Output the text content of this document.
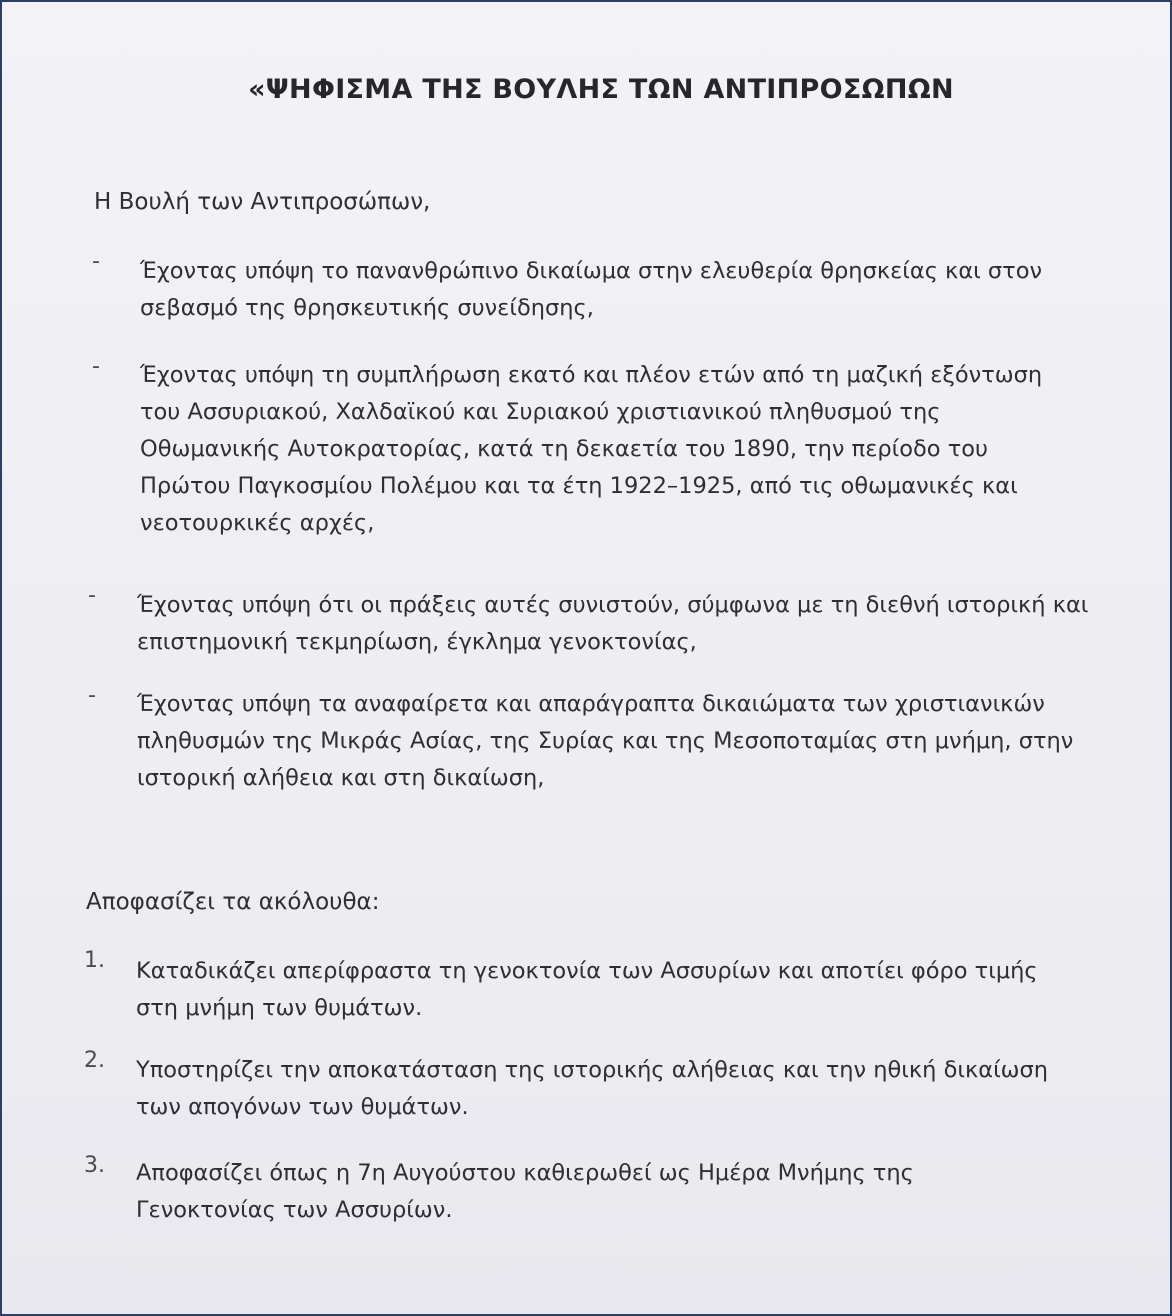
«ΨΗΦΙΣΜΑ ΤΗΣ ΒΟΥΛΗΣ ΤΩΝ ΑΝΤΙΠΡΟΣΩΠΩΝ
Η Βουλή των Αντιπροσώπων,
- Έχοντας υπόψη το πανανθρώπινο δικαίωμα στην ελευθερία θρησκείας και στον σεβασμό της θρησκευτικής συνείδησης,
- Έχοντας υπόψη τη συμπλήρωση εκατό και πλέον ετών από τη μαζική εξόντωση του Ασσυριακού, Χαλδαϊκού και Συριακού χριστιανικού πληθυσμού της Οθωμανικής Αυτοκρατορίας, κατά τη δεκαετία του 1890, την περίοδο του Πρώτου Παγκοσμίου Πολέμου και τα έτη 1922–1925, από τις οθωμανικές και νεοτουρκικές αρχές,
- Έχοντας υπόψη ότι οι πράξεις αυτές συνιστούν, σύμφωνα με τη διεθνή ιστορική και επιστημονική τεκμηρίωση, έγκλημα γενοκτονίας,
- Έχοντας υπόψη τα αναφαίρετα και απαράγραπτα δικαιώματα των χριστιανικών πληθυσμών της Μικράς Ασίας, της Συρίας και της Μεσοποταμίας στη μνήμη, στην ιστορική αλήθεια και στη δικαίωση,
Αποφασίζει τα ακόλουθα:
1. Καταδικάζει απερίφραστα τη γενοκτονία των Ασσυρίων και αποτίει φόρο τιμής στη μνήμη των θυμάτων.
2. Υποστηρίζει την αποκατάσταση της ιστορικής αλήθειας και την ηθική δικαίωση των απογόνων των θυμάτων.
3. Αποφασίζει όπως η 7η Αυγούστου καθιερωθεί ως Ημέρα Μνήμης της Γενοκτονίας των Ασσυρίων.
